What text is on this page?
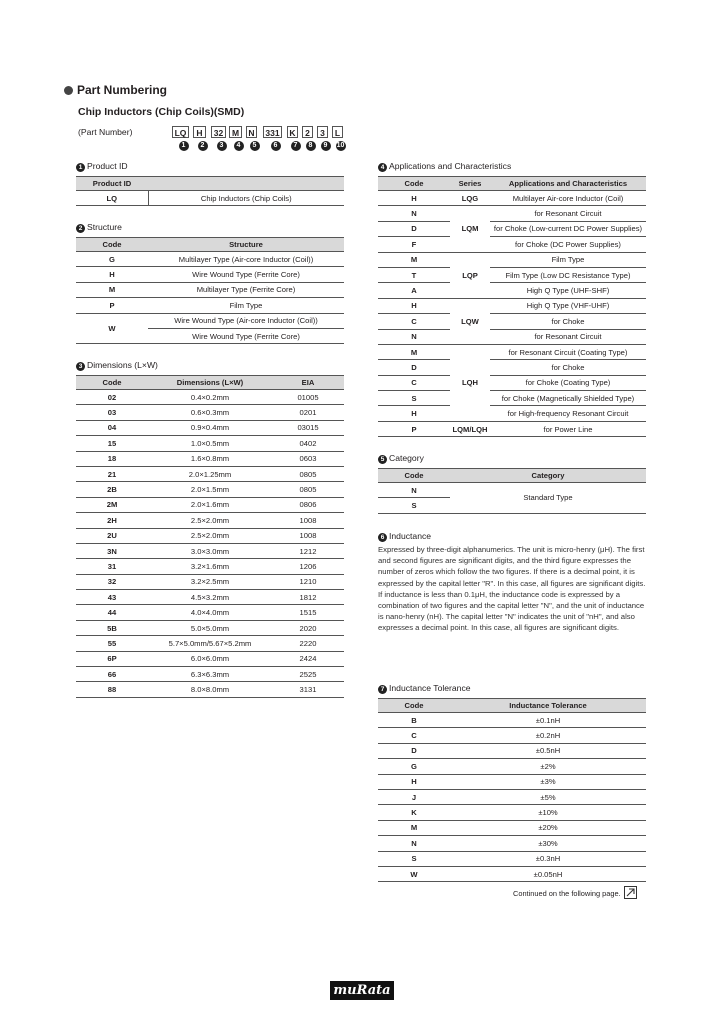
Part Numbering
Chip Inductors (Chip Coils)(SMD)
(Part Number)	LQ	H	32	M	N 331 K	2	3	L
1	2	3	4	5	6	7	8	9	10
1 Product ID
Product ID	
LQ	Chip Inductors (Chip Coils)
2 Structure
Code	Structure
G	Multilayer Type (Air-core Inductor (Coil))
H	Wire Wound Type (Ferrite Core)
M	Multilayer Type (Ferrite Core)
P	Film Type
W	Wire Wound Type (Air-core Inductor (Coil))
	Wire Wound Type (Ferrite Core)
3 Dimensions (L×W)
Code	Dimensions (L×W)	EIA
02	0.4×0.2mm	01005
03	0.6×0.3mm	0201
04	0.9×0.4mm	03015
15	1.0×0.5mm	0402
18	1.6×0.8mm	0603
21	2.0×1.25mm	0805
2B	2.0×1.5mm	0805
2M	2.0×1.6mm	0806
2H	2.5×2.0mm	1008
2U	2.5×2.0mm	1008
3N	3.0×3.0mm	1212
31	3.2×1.6mm	1206
32	3.2×2.5mm	1210
43	4.5×3.2mm	1812
44	4.0×4.0mm	1515
5B	5.0×5.0mm	2020
55	5.7×5.0mm/5.67×5.2mm	2220
6P	6.0×6.0mm	2424
66	6.3×6.3mm	2525
88	8.0×8.0mm	3131
4 Applications and Characteristics
Code	Series	Applications and Characteristics
H	LQG	Multilayer Air-core Inductor (Coil)
N	LQM	for Resonant Circuit
D		for Choke (Low-current DC Power Supplies)
F		for Choke (DC Power Supplies)
M	LQP	Film Type
T		Film Type (Low DC Resistance Type)
A		High Q Type (UHF-SHF)
H	LQW	High Q Type (VHF-UHF)
C		for Choke
N		for Resonant Circuit
M	LQH	for Resonant Circuit (Coating Type)
D		for Choke
C		for Choke (Coating Type)
S		for Choke (Magnetically Shielded Type)
H		for High-frequency Resonant Circuit
P	LQM/LQH	for Power Line
5 Category
Code	Category
N	Standard Type
S	
6 Inductance
Expressed by three-digit alphanumerics. The unit is micro-henry (μH). The first and second figures are significant digits, and the third figure expresses the number of zeros which follow the two figures. If there is a decimal point, it is expressed by the capital letter "R". In this case, all figures are significant digits. If inductance is less than 0.1μH, the inductance code is expressed by a combination of two figures and the capital letter "N", and the unit of inductance is nano-henry (nH). The capital letter "N" indicates the unit of "nH", and also expresses a decimal point. In this case, all figures are significant digits.
7 Inductance Tolerance
Code	Inductance Tolerance
B	±0.1nH
C	±0.2nH
D	±0.5nH
G	±2%
H	±3%
J	±5%
K	±10%
M	±20%
N	±30%
S	±0.3nH
W	±0.05nH
Continued on the following page.
muRata
